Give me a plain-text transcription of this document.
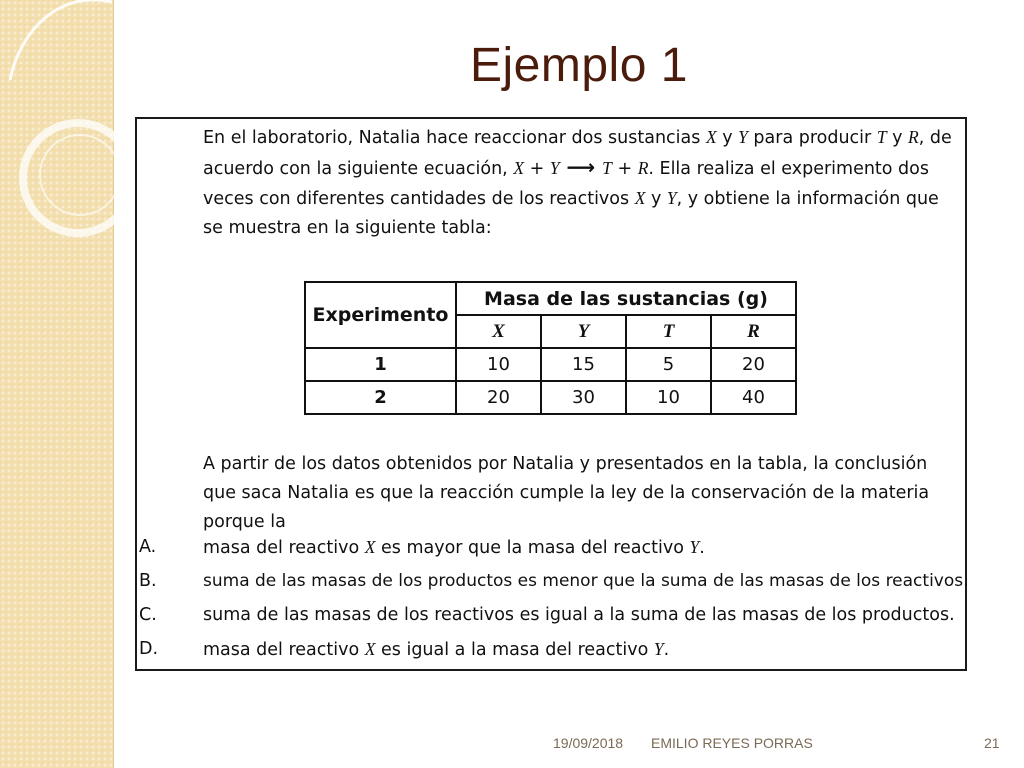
Ejemplo 1

En el laboratorio, Natalia hace reaccionar dos sustancias X y Y para producir T y R, de acuerdo con la siguiente ecuación, X + Y ⟶ T + R. Ella realiza el experimento dos veces con diferentes cantidades de los reactivos X y Y, y obtiene la información que se muestra en la siguiente tabla:

Experimento	Masa de las sustancias (g)			
	X	Y	T	R
1	10	15	5	20
2	20	30	10	40

A partir de los datos obtenidos por Natalia y presentados en la tabla, la conclusión que saca Natalia es que la reacción cumple la ley de la conservación de la materia porque la

A.	masa del reactivo X es mayor que la masa del reactivo Y.
B.	suma de las masas de los productos es menor que la suma de las masas de los reactivos.
C.	suma de las masas de los reactivos es igual a la suma de las masas de los productos.
D.	masa del reactivo X es igual a la masa del reactivo Y.
19/09/2018 EMILIO REYES PORRAS	21
